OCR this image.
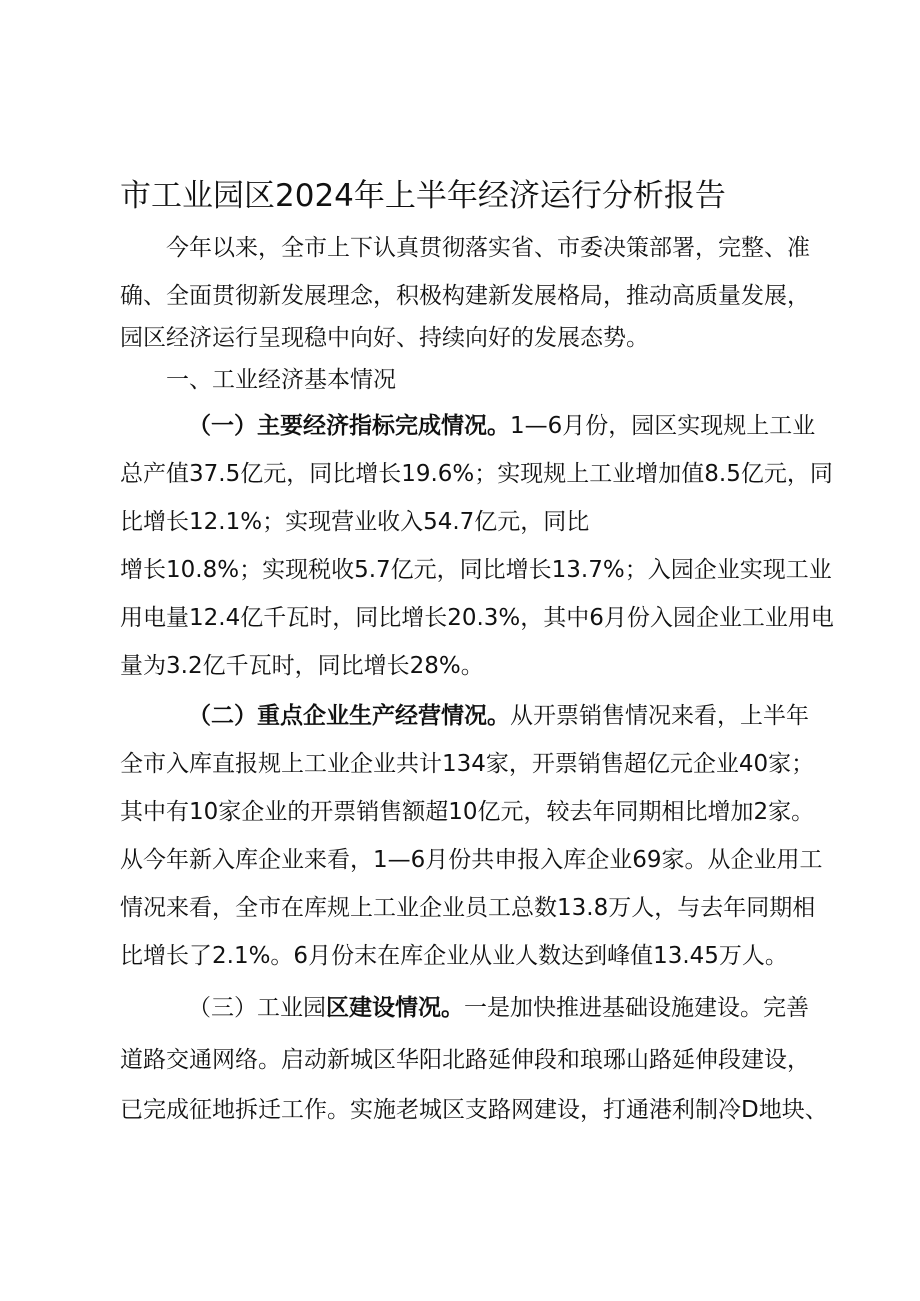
市工业园区2024年上半年经济运行分析报告
今年以来，全市上下认真贯彻落实省、市委决策部署，完整、准
确、全面贯彻新发展理念，积极构建新发展格局，推动高质量发展，
园区经济运行呈现稳中向好、持续向好的发展态势。
一、工业经济基本情况
（一）主要经济指标完成情况。1—6月份，园区实现规上工业
总产值37.5亿元，同比增长19.6%；实现规上工业增加值8.5亿元，同
比增长12.1%；实现营业收入54.7亿元，同比
增长10.8%；实现税收5.7亿元，同比增长13.7%；入园企业实现工业
用电量12.4亿千瓦时，同比增长20.3%，其中6月份入园企业工业用电
量为3.2亿千瓦时，同比增长28%。
（二）重点企业生产经营情况。从开票销售情况来看，上半年
全市入库直报规上工业企业共计134家，开票销售超亿元企业40家；
其中有10家企业的开票销售额超10亿元，较去年同期相比增加2家。
从今年新入库企业来看，1—6月份共申报入库企业69家。从企业用工
情况来看，全市在库规上工业企业员工总数13.8万人，与去年同期相
比增长了2.1%。6月份末在库企业从业人数达到峰值13.45万人。
（三）工业园区建设情况。一是加快推进基础设施建设。完善
道路交通网络。启动新城区华阳北路延伸段和琅琊山路延伸段建设，
已完成征地拆迁工作。实施老城区支路网建设，打通港利制冷D地块、
